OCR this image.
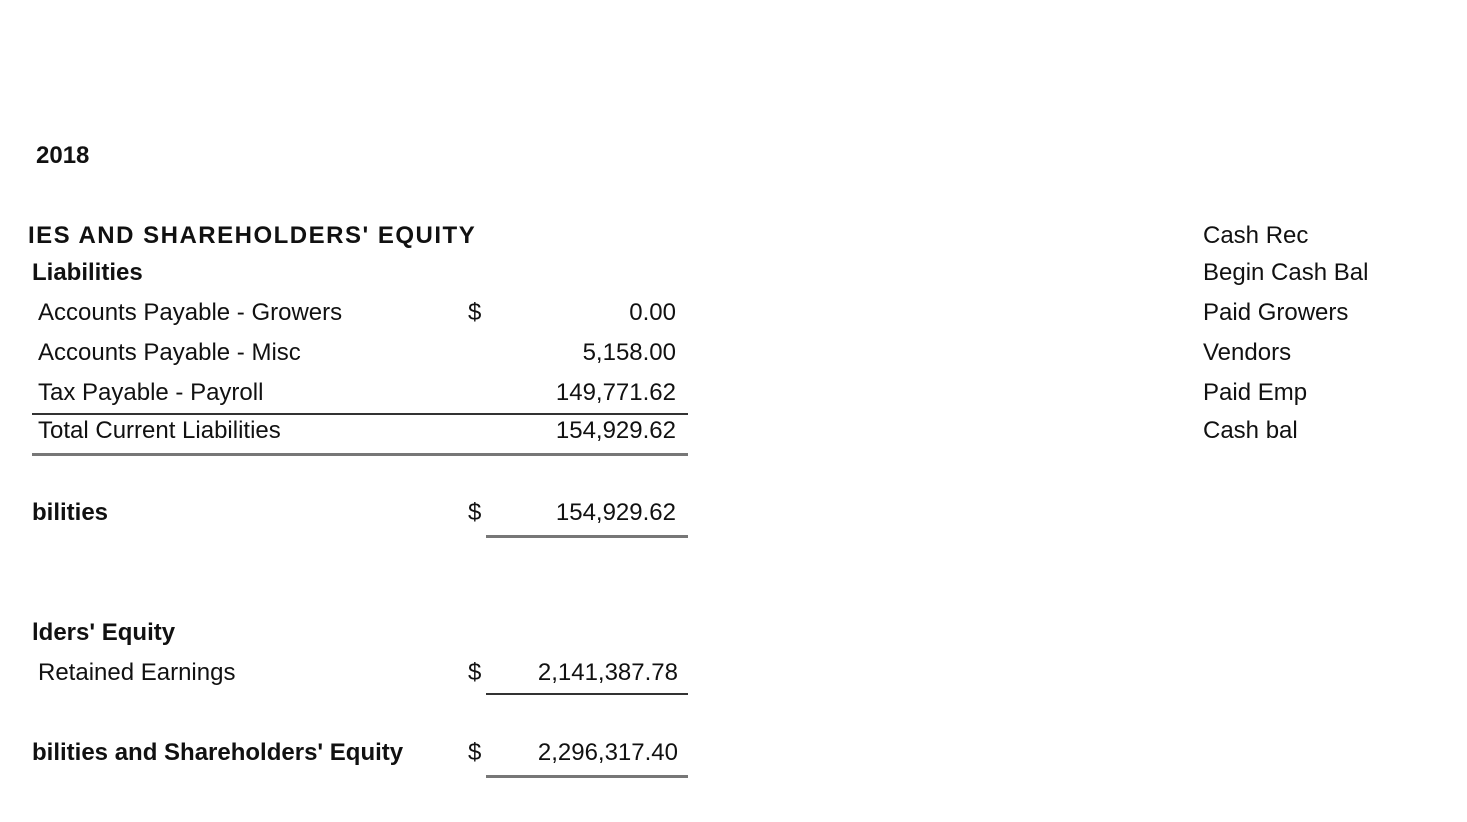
2018
IES AND SHAREHOLDERS' EQUITY
Liabilities
Accounts Payable - Growers	$	0.00
Accounts Payable - Misc	5,158.00
Tax Payable - Payroll	149,771.62
Total Current Liabilities	154,929.62
bilities	$	154,929.62
lders' Equity
Retained Earnings	$	2,141,387.78
bilities and Shareholders' Equity	$	2,296,317.40
Cash Rec
Begin Cash Bal
Paid Growers
Vendors
Paid Emp
Cash bal
